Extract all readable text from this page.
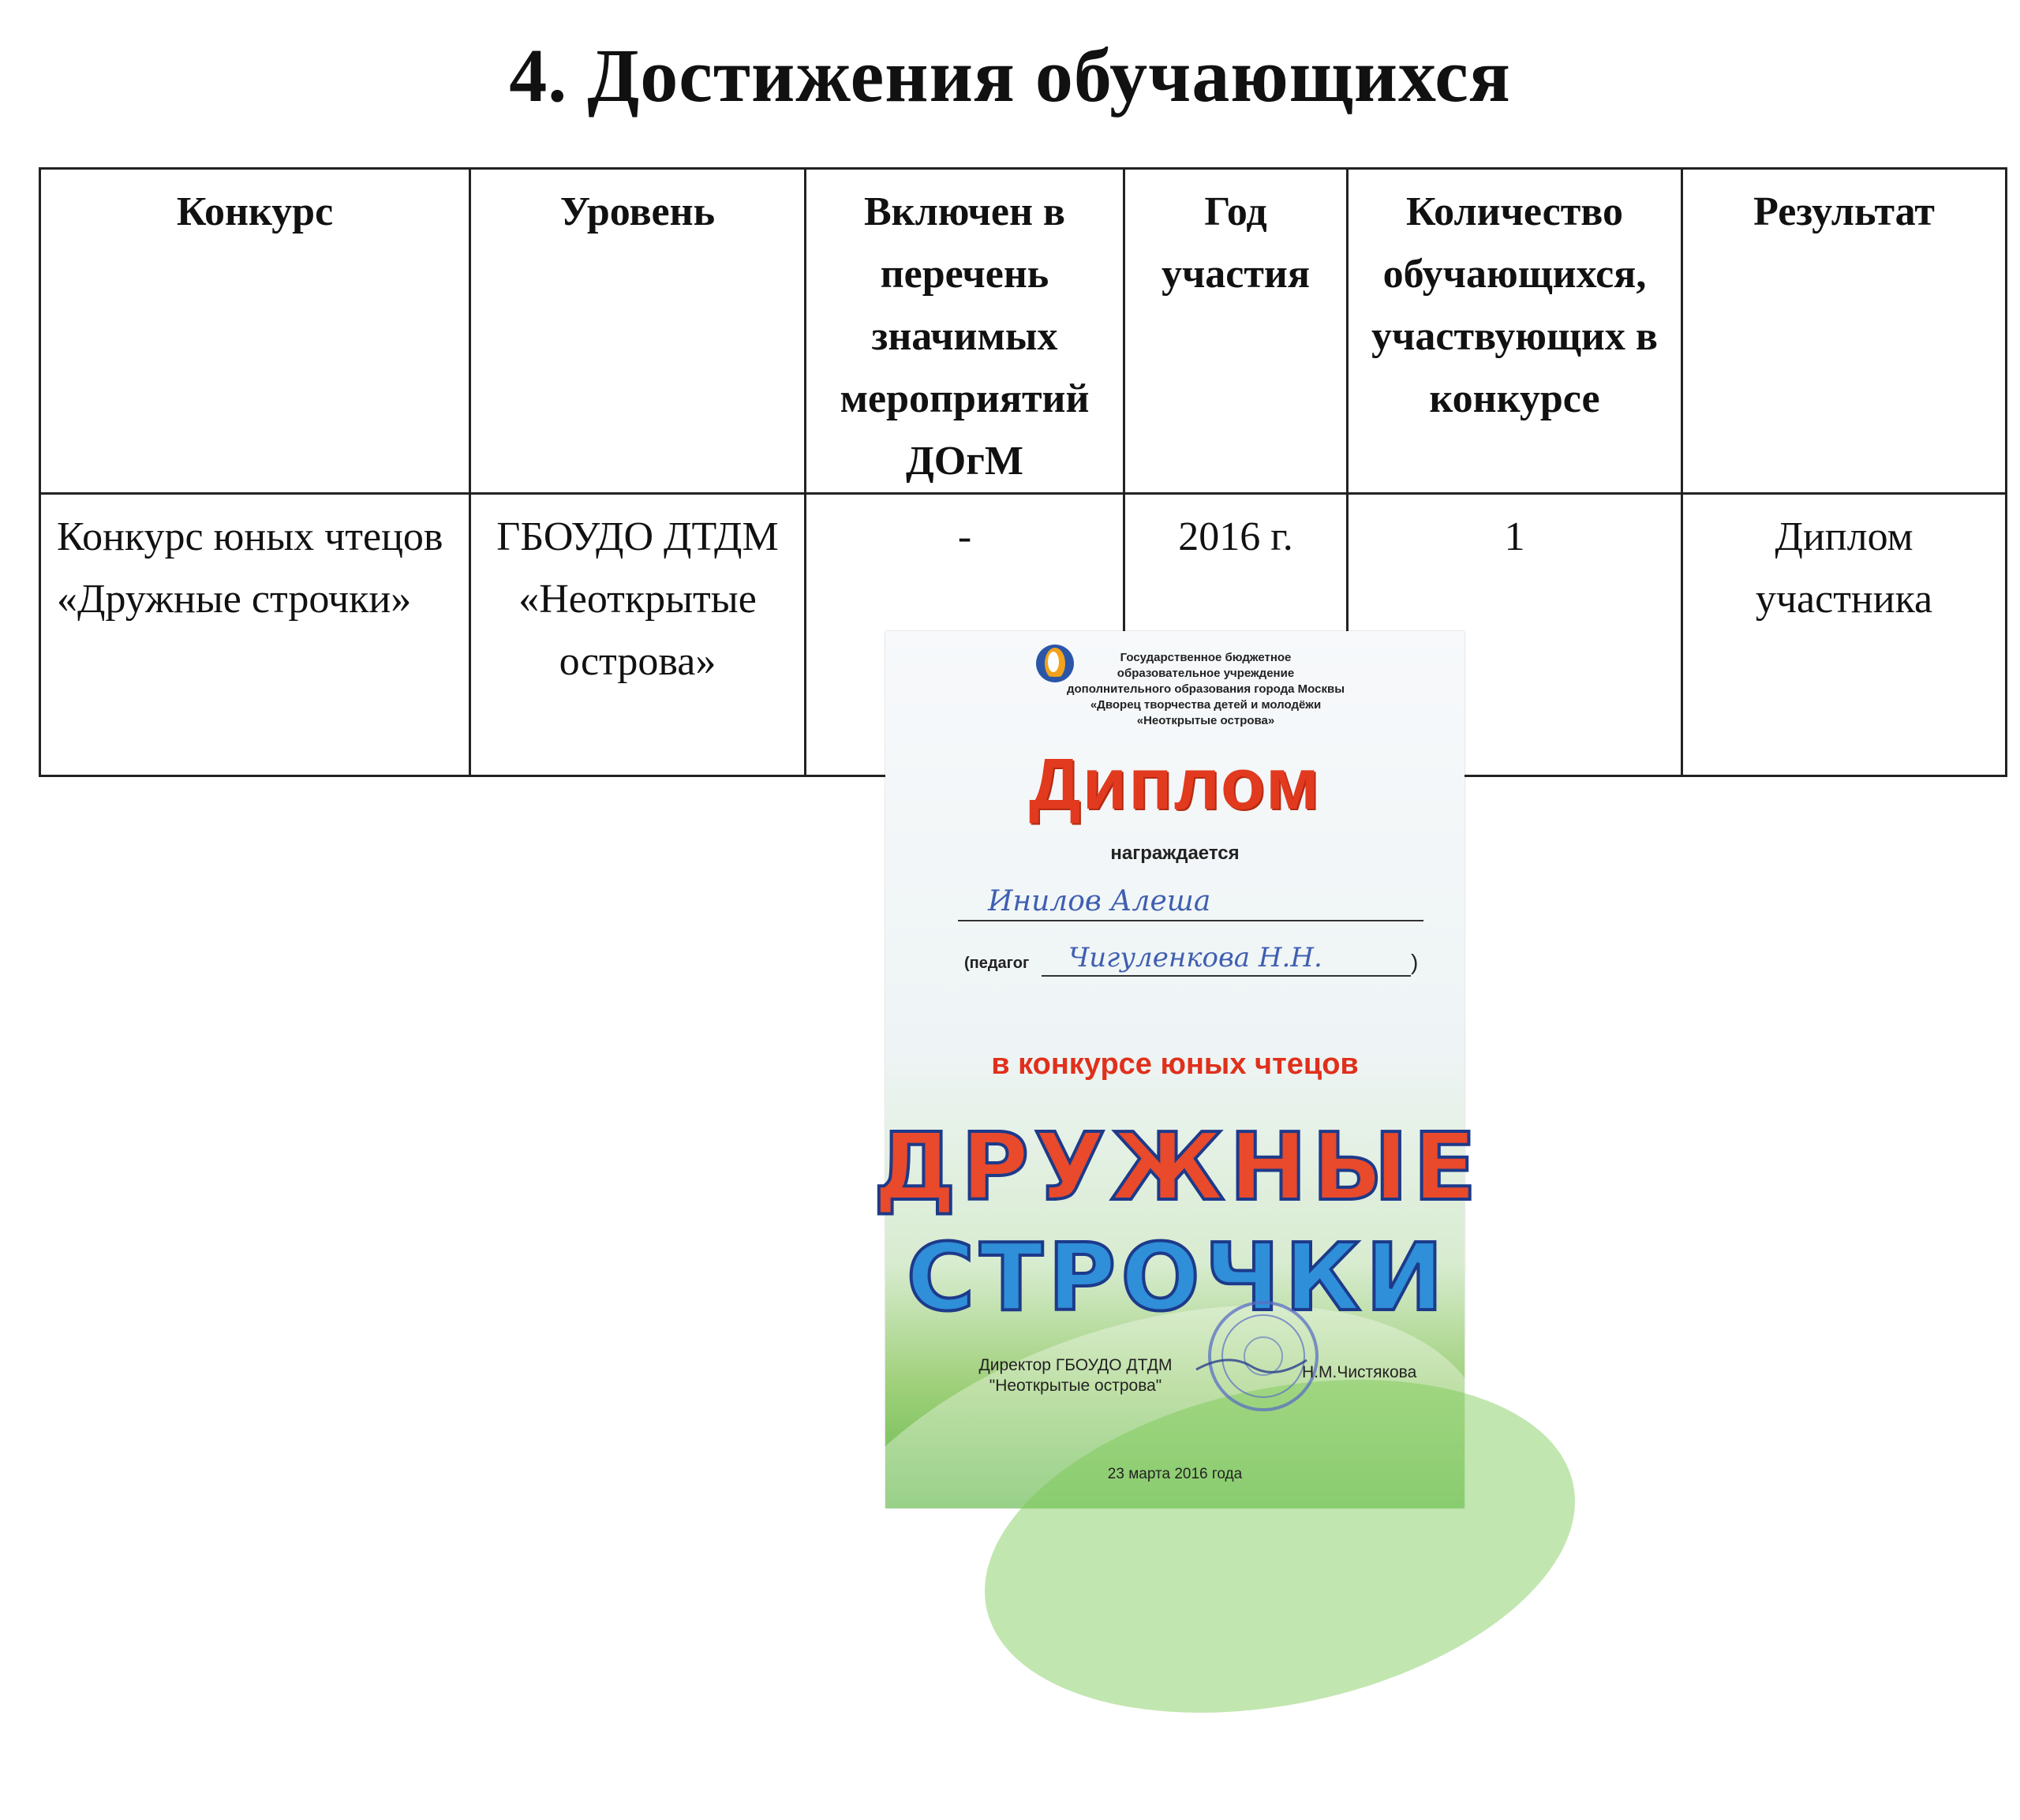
4. Достижения обучающихся
Конкурс	Уровень	Включен в перечень значимых мероприятий ДОгМ	Год участия	Количество обучающихся, участвующих в конкурсе	Результат
Конкурс юных чтецов «Дружные строчки»	ГБОУДО ДТДМ «Неоткрытые острова»	-	2016 г.	1	Диплом участника
Государственное бюджетное
образовательное учреждение
дополнительного образования города Москвы
«Дворец творчества детей и молодёжи
«Неоткрытые острова»
Диплом
награждается
Инилов Алеша
(педагог Чигуленкова Н.Н.	)
в конкурсе юных чтецов
ДРУЖНЫЕ
СТРОЧКИ
Директор ГБОУДО ДТДМ
"Неоткрытые острова"
Н.М.Чистякова
23 марта 2016 года
